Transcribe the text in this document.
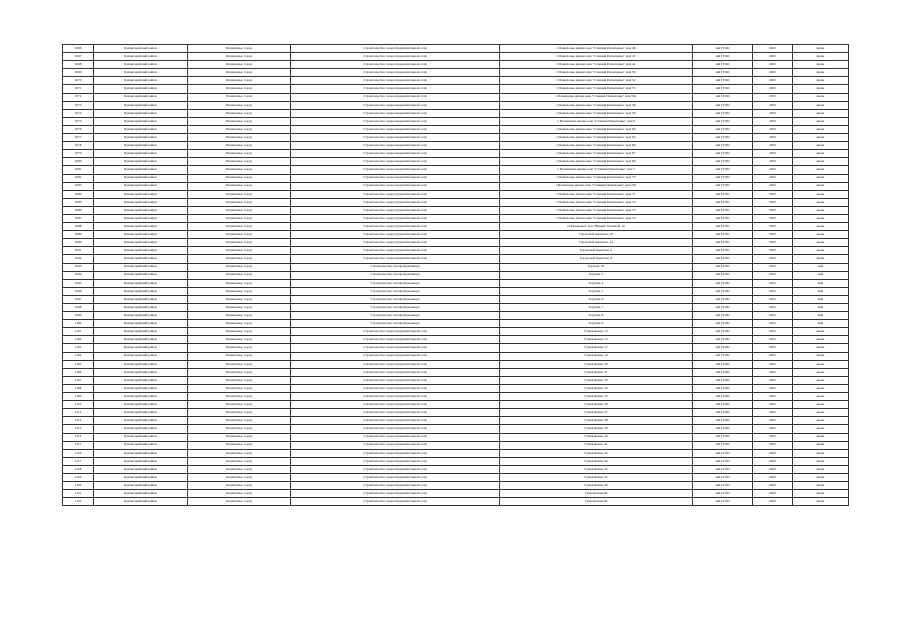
1066	Бахчисарайский район	Пошехонье, город	Строительство газораспределительной сети	г.Пошехонье жилая зона "Станция Пошехонье" дом 46	АО ГГЛО	2025	июнь
1067	Бахчисарайский район	Пошехонье, город	Строительство газораспределительной сети	г.Пошехонье жилая зона "Станция Пошехонье" дом 47	АО ГГЛО	2025	июнь
1068	Бахчисарайский район	Пошехонье, город	Строительство газораспределительной сети	г.Пошехонье жилая зона "Станция Пошехонье" дом 4а	АО ГГЛО	2025	июнь
1069	Бахчисарайский район	Пошехонье, город	Строительство газораспределительной сети	г.Пошехонье жилая зона "Станция Пошехонье" дом 50	АО ГГЛО	2025	июнь
1070	Бахчисарайский район	Пошехонье, город	Строительство газораспределительной сети	г.Пошехонье жилая зона "Станция Пошехонье" дом 52	АО ГГЛО	2025	июнь
1071	Бахчисарайский район	Пошехонье, город	Строительство газораспределительной сети	г.Пошехонье жилая зона "Станция Пошехонье" дом 55	АО ГГЛО	2025	июнь
1072	Бахчисарайский район	Пошехонье, город	Строительство газораспределительной сети	г.Пошехонье жилая зона "Станция Пошехонье" дом 55а	АО ГГЛО	2025	июнь
1073	Бахчисарайский район	Пошехонье, город	Строительство газораспределительной сети	г.Пошехонье жилая зона "Станция Пошехонье" дом 56	АО ГГЛО	2025	июнь
1074	Бахчисарайский район	Пошехонье, город	Строительство газораспределительной сети	г.Пошехонье жилая зона "Станция Пошехонье" дом 59	АО ГГЛО	2025	июнь
1075	Бахчисарайский район	Пошехонье, город	Строительство газораспределительной сети	г. Пошехонье жилая зона "Станция Пошехонье" дом 6	АО ГГЛО	2025	июнь
1076	Бахчисарайский район	Пошехонье, город	Строительство газораспределительной сети	г.Пошехонье жилая зона "Станция Пошехонье" дом 60	АО ГГЛО	2025	июнь
1077	Бахчисарайский район	Пошехонье, город	Строительство газораспределительной сети	г.Пошехонье жилая зона "Станция Пошехонье" дом 63	АО ГГЛО	2025	июнь
1078	Бахчисарайский район	Пошехонье, город	Строительство газораспределительной сети	г.Пошехонье жилая зона "Станция Пошехонье" дом 66	АО ГГЛО	2025	июнь
1079	Бахчисарайский район	Пошехонье, город	Строительство газораспределительной сети	г.Пошехонье жилая зона "Станция Пошехонье" дом 67	АО ГГЛО	2025	июнь
1080	Бахчисарайский район	Пошехонье, город	Строительство газораспределительной сети	г.Пошехонье жилая зона "Станция Пошехонье" дом 69	АО ГГЛО	2025	июнь
1081	Бахчисарайский район	Пошехонье, город	Строительство газораспределительной сети	г. Пошехонье жилая зона "Станция Пошехонье" дом 7	АО ГГЛО	2025	июнь
1082	Бахчисарайский район	Пошехонье, город	Строительство газораспределительной сети	г.Пошехонье жилая зона "Станция Пошехонье" дом 70	АО ГГЛО	2025	июнь
1083	Бахчисарайский район	Пошехонье, город	Строительство газораспределительной сети	г.Пошехонье жилая зона "Станция Пошехонье" дом 70а	АО ГГЛО	2025	июнь
1084	Бахчисарайский район	Пошехонье, город	Строительство газораспределительной сети	г.Пошехонье жилая зона "Станция Пошехонье" дом 71	АО ГГЛО	2025	июнь
1085	Бахчисарайский район	Пошехонье, город	Строительство газораспределительной сети	г.Пошехонье жилая зона "Станция Пошехонье" дом 72	АО ГГЛО	2025	июнь
1086	Бахчисарайский район	Пошехонье, город	Строительство газораспределительной сети	г.Пошехонье жилая зона "Станция Пошехонье" дом 73	АО ГГЛО	2025	июнь
1087	Бахчисарайский район	Пошехонье, город	Строительство газораспределительной сети	г.Пошехонье жилая зона "Станция Пошехонье" дом 79	АО ГГЛО	2025	июнь
1088	Бахчисарайский район	Пошехонье, город	Строительство газораспределительной сети	г.Пошехонье" м-н "Новый" Полевой, 14	АО ГГЛО	2025	июнь
1089	Бахчисарайский район	Пошехонье, город	Строительство газораспределительной сети	Городской переулок, 10	АО ГГЛО	2025	июнь
1090	Бахчисарайский район	Пошехонье, город	Строительство газораспределительной сети	Городской переулок, 12	АО ГГЛО	2025	июнь
1091	Бахчисарайский район	Пошехонье, город	Строительство газораспределительной сети	Городской переулок, 6	АО ГГЛО	2025	июнь
1092	Бахчисарайский район	Пошехонье, город	Строительство газораспределительной сети	Городской переулок, 8	АО ГГЛО	2025	июнь
1093	Бахчисарайский район	Пошехонье, город	Строительство газопровода-ввода	Горская, 10	АО ГГЛО	2025	май
1094	Бахчисарайский район	Пошехонье, город	Строительство газопровода-ввода	Горская, 3	АО ГГЛО	2025	май
1095	Бахчисарайский район	Пошехонье, город	Строительство газопровода-ввода	Горская, 4	АО ГГЛО	2025	май
1096	Бахчисарайский район	Пошехонье, город	Строительство газопровода-ввода	Горская, 5	АО ГГЛО	2025	май
1097	Бахчисарайский район	Пошехонье, город	Строительство газопровода-ввода	Горская, 6	АО ГГЛО	2025	май
1098	Бахчисарайский район	Пошехонье, город	Строительство газопровода-ввода	Горская, 7	АО ГГЛО	2025	май
1099	Бахчисарайский район	Пошехонье, город	Строительство газопровода-ввода	Горская, 8	АО ГГЛО	2025	май
1100	Бахчисарайский район	Пошехонье, город	Строительство газопровода-ввода	Горская, 9	АО ГГЛО	2025	май
1101	Бахчисарайский район	Пошехонье, город	Строительство газораспределительной сети	Гумелевская, 13	АО ГГЛО	2025	июнь
1102	Бахчисарайский район	Пошехонье, город	Строительство газораспределительной сети	Гумелевская, 15	АО ГГЛО	2025	июнь
1103	Бахчисарайский район	Пошехонье, город	Строительство газораспределительной сети	Гумелевская, 17	АО ГГЛО	2025	июнь
1104	Бахчисарайский район	Пошехонье, город	Строительство газораспределительной сети	Гумелевская, 19	АО ГГЛО	2025	июнь
1105	Бахчисарайский район	Пошехонье, город	Строительство газораспределительной сети	Гумелевская, 29	АО ГГЛО	2025	июнь
1106	Бахчисарайский район	Пошехонье, город	Строительство газораспределительной сети	Гумелевская, 31	АО ГГЛО	2025	июнь
1107	Бахчисарайский район	Пошехонье, город	Строительство газораспределительной сети	Гумелевская, 32	АО ГГЛО	2025	июнь
1108	Бахчисарайский район	Пошехонье, город	Строительство газораспределительной сети	Гумелевская, 34	АО ГГЛО	2025	июнь
1109	Бахчисарайский район	Пошехонье, город	Строительство газораспределительной сети	Гумелевская, 35	АО ГГЛО	2025	июнь
1110	Бахчисарайский район	Пошехонье, город	Строительство газораспределительной сети	Гумелевская, 36	АО ГГЛО	2025	июнь
1111	Бахчисарайский район	Пошехонье, город	Строительство газораспределительной сети	Гумелевская, 37	АО ГГЛО	2025	июнь
1112	Бахчисарайский район	Пошехонье, город	Строительство газораспределительной сети	Гумелевская, 38	АО ГГЛО	2025	июнь
1113	Бахчисарайский район	Пошехонье, город	Строительство газораспределительной сети	Гумелевская, 39	АО ГГЛО	2025	июнь
1114	Бахчисарайский район	Пошехонье, город	Строительство газораспределительной сети	Гумелевская, 40	АО ГГЛО	2025	июнь
1115	Бахчисарайский район	Пошехонье, город	Строительство газораспределительной сети	Гумелевская, 41	АО ГГЛО	2025	июнь
1116	Бахчисарайский район	Пошехонье, город	Строительство газораспределительной сети	Гумелевская, 43	АО ГГЛО	2025	июнь
1117	Бахчисарайский район	Пошехонье, город	Строительство газораспределительной сети	Гумелевская, 44	АО ГГЛО	2025	июнь
1118	Бахчисарайский район	Пошехонье, город	Строительство газораспределительной сети	Гумелевская, 45	АО ГГЛО	2025	июнь
1119	Бахчисарайский район	Пошехонье, город	Строительство газораспределительной сети	Гумелевская, 47	АО ГГЛО	2025	июнь
1120	Бахчисарайский район	Пошехонье, город	Строительство газораспределительной сети	Гумелевская, 49	АО ГГЛО	2025	июнь
1121	Бахчисарайский район	Пошехонье, город	Строительство газораспределительной сети	Гумелевская,28	АО ГГЛО	2025	июнь
1122	Бахчисарайский район	Пошехонье, город	Строительство газораспределительной сети	Гумелевская,30	АО ГГЛО	2025	июнь
